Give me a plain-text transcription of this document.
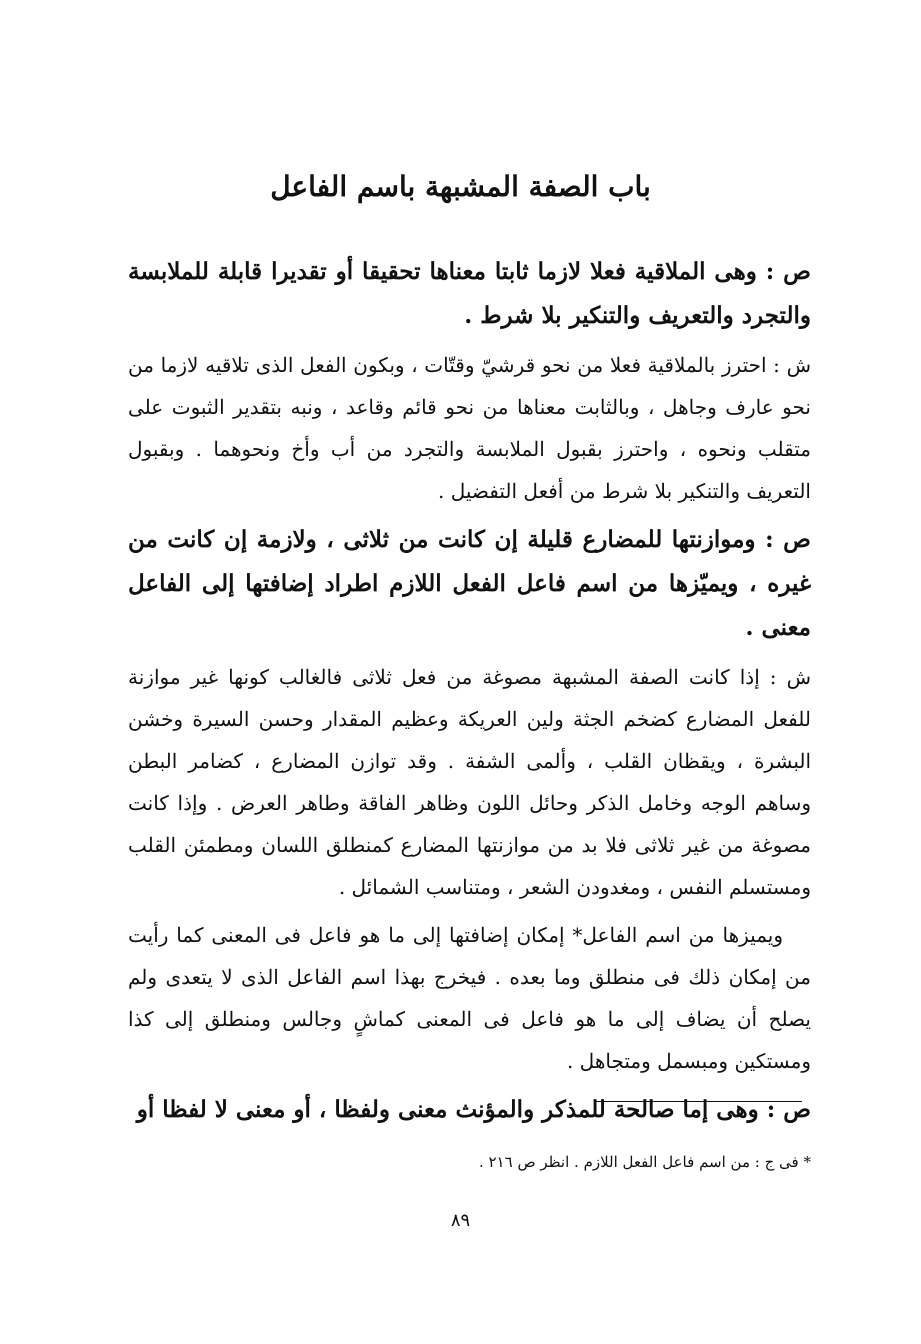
باب الصفة المشبهة باسم الفاعل

ص : وهى الملاقية فعلا لازما ثابتا معناها تحقيقا أو تقديرا قابلة للملابسة والتجرد والتعريف والتنكير بلا شرط .

ش : احترز بالملاقية فعلا من نحو قرشيّ وقتّات ، وبكون الفعل الذى تلاقيه لازما من نحو عارف وجاهل ، وبالثابت معناها من نحو قائم وقاعد ، ونبه بتقدير الثبوت على متقلب ونحوه ، واحترز بقبول الملابسة والتجرد من أب وأخ ونحوهما . وبقبول التعريف والتنكير بلا شرط من أفعل التفضيل .

ص : وموازنتها للمضارع قليلة إن كانت من ثلاثى ، ولازمة إن كانت من غيره ، ويميّزها من اسم فاعل الفعل اللازم اطراد إضافتها إلى الفاعل معنى .

ش : إذا كانت الصفة المشبهة مصوغة من فعل ثلاثى فالغالب كونها غير موازنة للفعل المضارع كضخم الجثة ولين العريكة وعظيم المقدار وحسن السيرة وخشن البشرة ، ويقظان القلب ، وألمى الشفة . وقد توازن المضارع ، كضامر البطن وساهم الوجه وخامل الذكر وحائل اللون وظاهر الفاقة وطاهر العرض . وإذا كانت مصوغة من غير ثلاثى فلا بد من موازنتها المضارع كمنطلق اللسان ومطمئن القلب ومستسلم النفس ، ومغدودن الشعر ، ومتناسب الشمائل .

ويميزها من اسم الفاعل* إمكان إضافتها إلى ما هو فاعل فى المعنى كما رأيت من إمكان ذلك فى منطلق وما بعده . فيخرج بهذا اسم الفاعل الذى لا يتعدى ولم يصلح أن يضاف إلى ما هو فاعل فى المعنى كماشٍ وجالس ومنطلق إلى كذا ومستكين ومبسمل ومتجاهل .

ص : وهى إما صالحة للمذكر والمؤنث معنى ولفظا ، أو معنى لا لفظا أو

* فى ج : من اسم فاعل الفعل اللازم . انظر ص ٢١٦ .

٨٩
